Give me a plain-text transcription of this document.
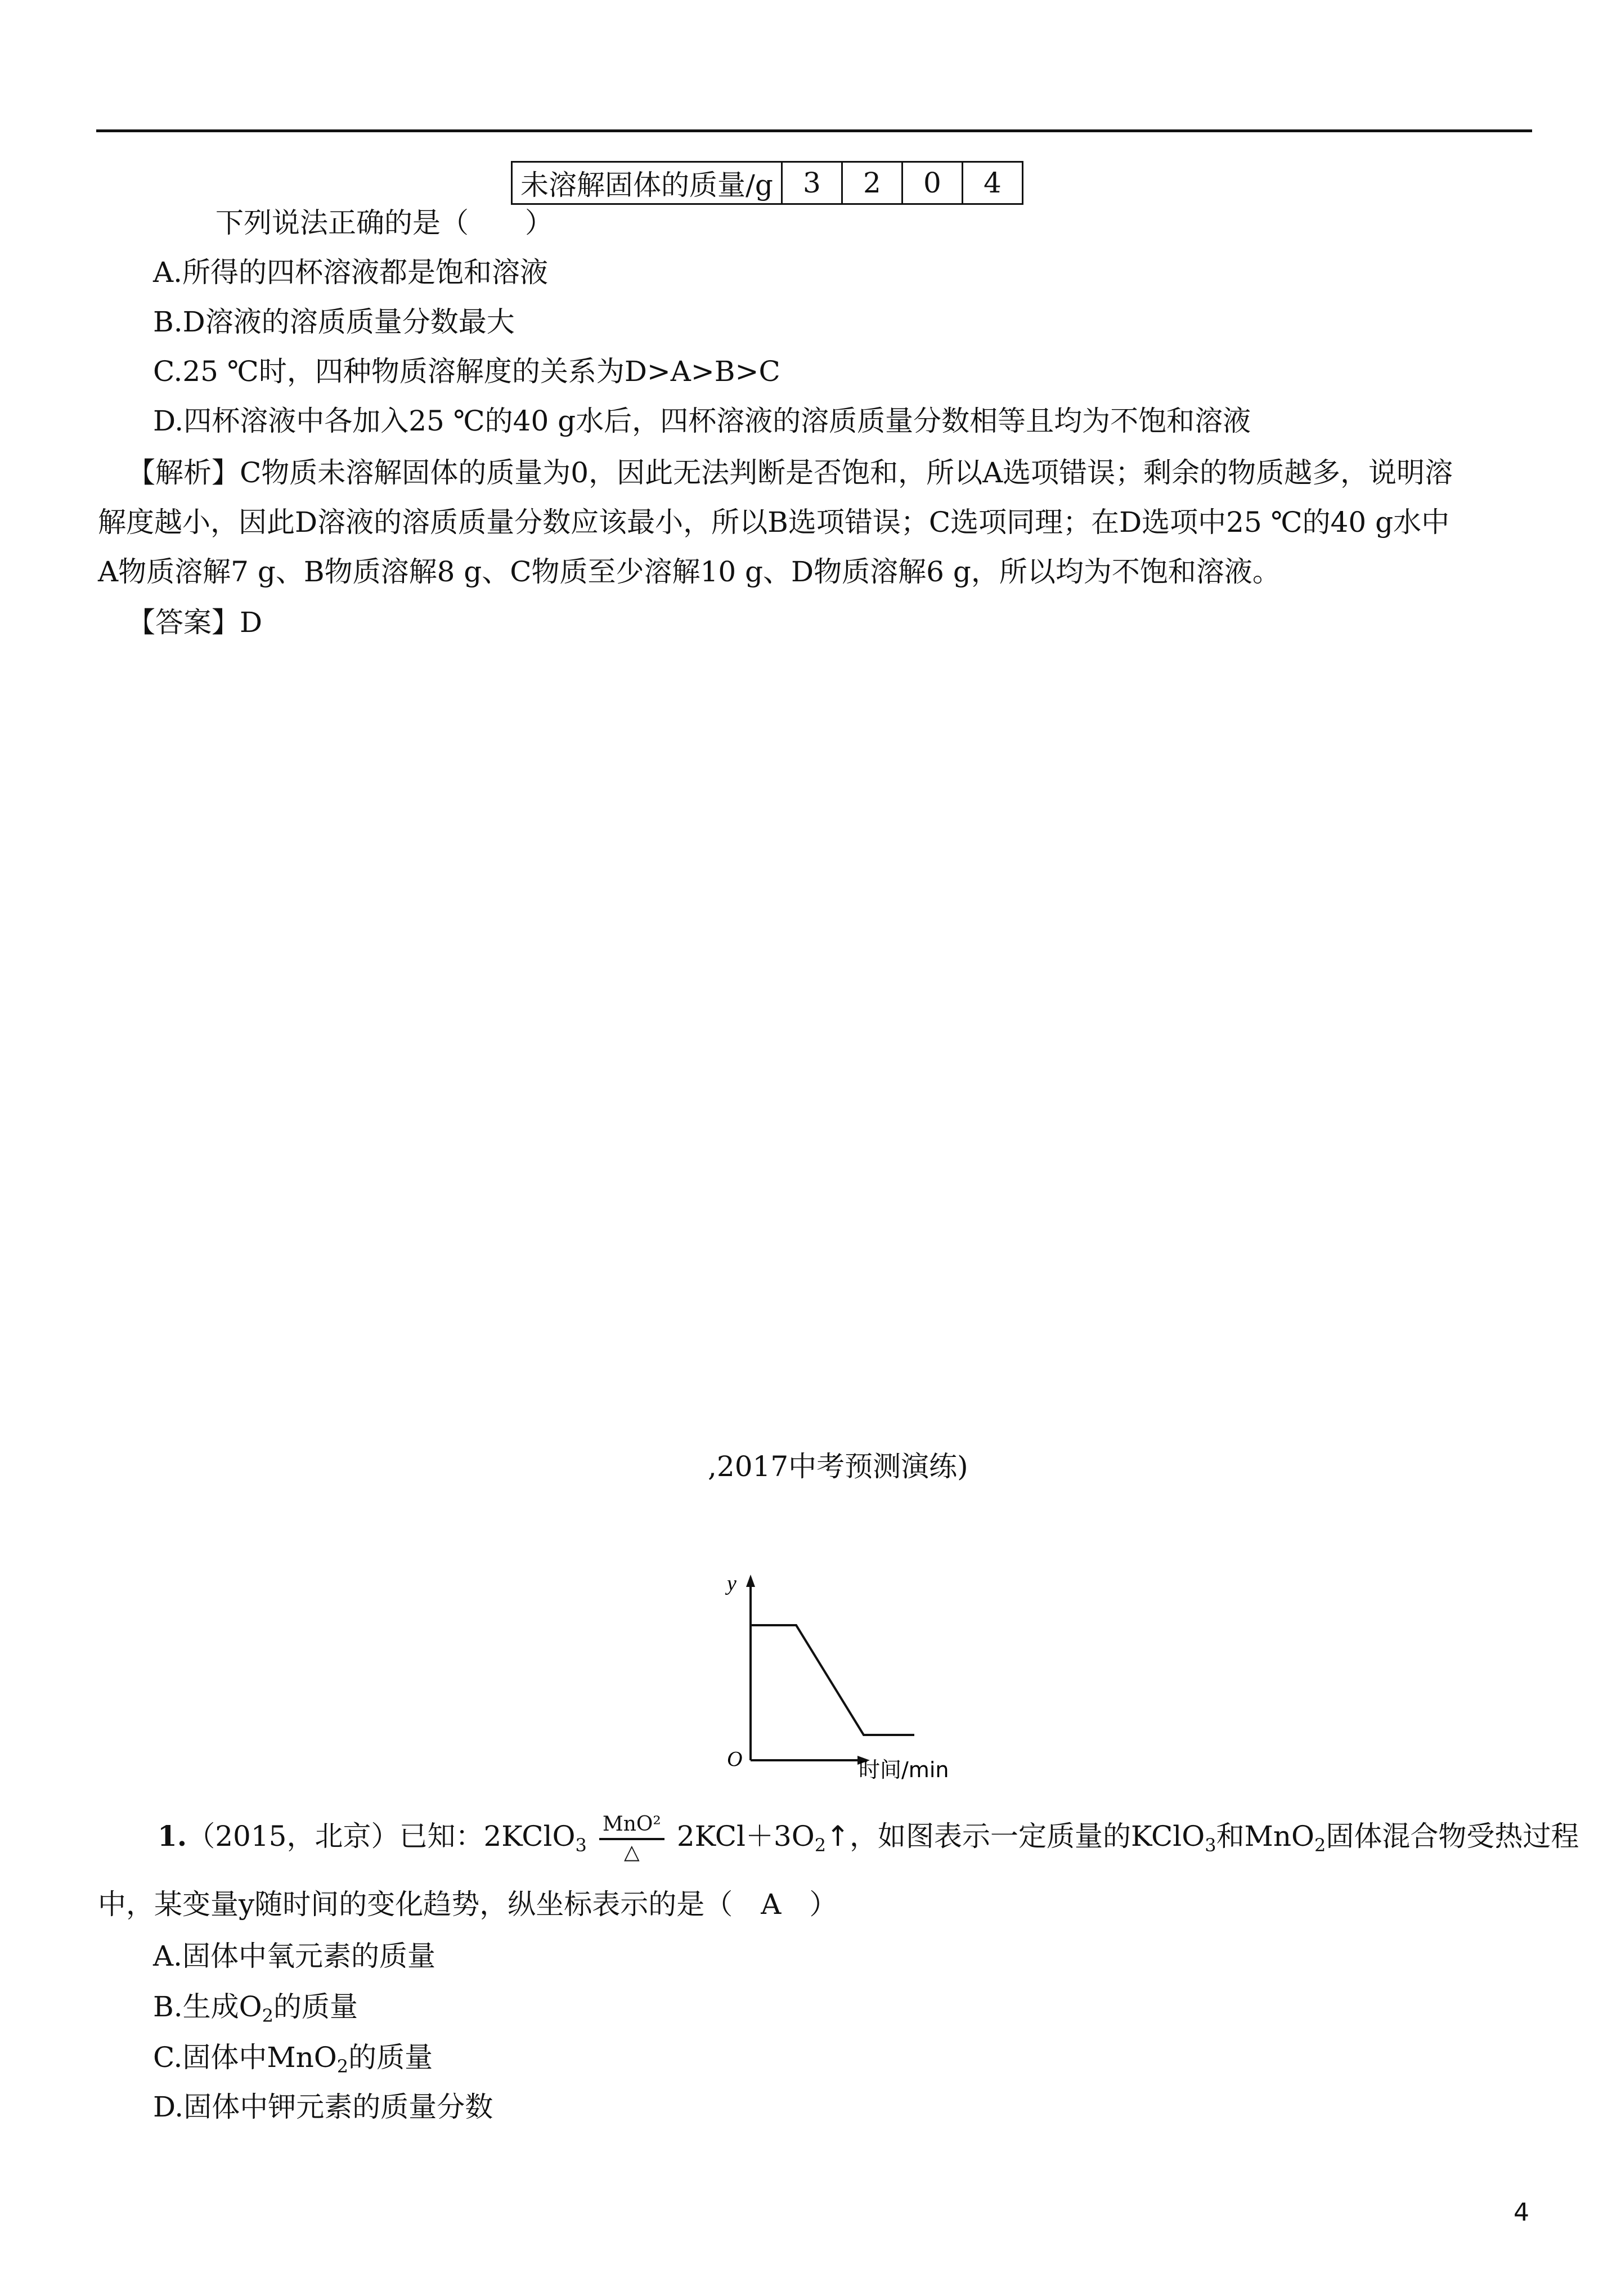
未溶解固体的质量/g	3	2	0	4
下列说法正确的是（　　）
A.所得的四杯溶液都是饱和溶液
B.D溶液的溶质质量分数最大
C.25 ℃时，四种物质溶解度的关系为D>A>B>C
D.四杯溶液中各加入25 ℃的40 g水后，四杯溶液的溶质质量分数相等且均为不饱和溶液
【解析】C物质未溶解固体的质量为0，因此无法判断是否饱和，所以A选项错误；剩余的物质越多，说明溶
解度越小，因此D溶液的溶质质量分数应该最小，所以B选项错误；C选项同理；在D选项中25 ℃的40 g水中
A物质溶解7 g、B物质溶解8 g、C物质至少溶解10 g、D物质溶解6 g，所以均为不饱和溶液。
【答案】D
,2017中考预测演练)
y
O	时间/min
1.（2015，北京）已知：2KClO$_3$ $\frac{\text{MnO²}}{\triangle}$ $2KCl+3O_2↑$，如图表示一定质量的KClO$_3$和MnO$_2$固体混合物受热过程
中，某变量y随时间的变化趋势，纵坐标表示的是（　A　）
A.固体中氧元素的质量
B.生成$O_2$的质量
C.固体中MnO$_2$的质量
D.固体中钾元素的质量分数
4
